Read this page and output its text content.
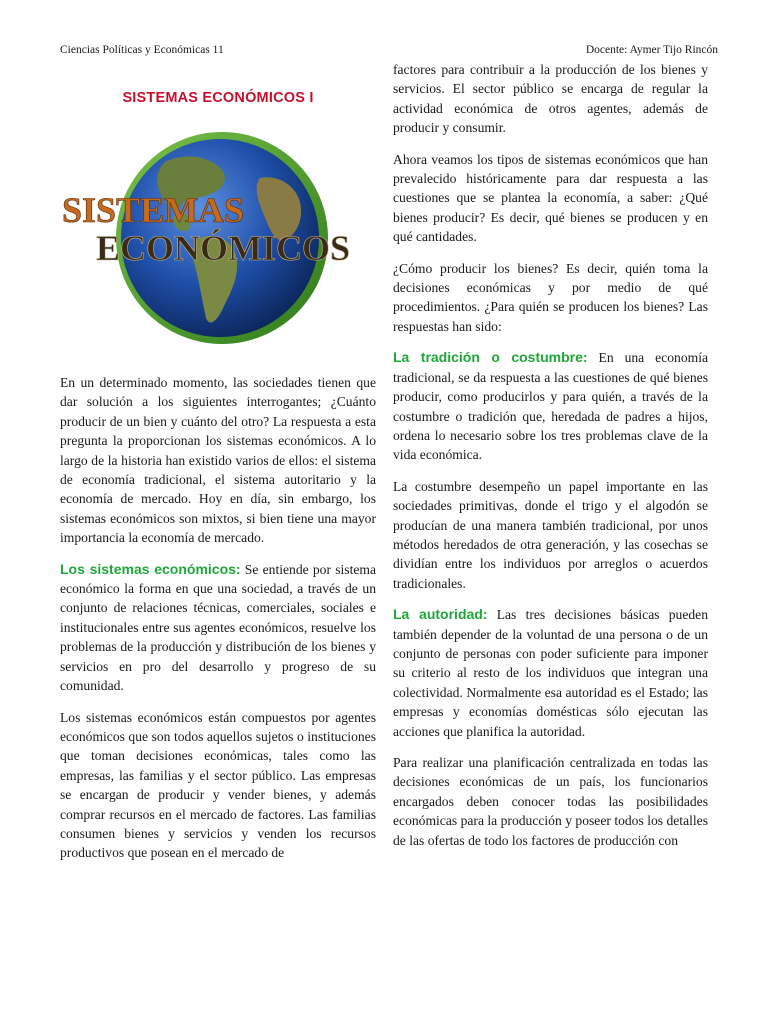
Ciencias Políticas y Económicas 11	Docente: Aymer Tijo Rincón
SISTEMAS ECONÓMICOS I
SISTEMAS
ECONÓMICOS

En un determinado momento, las sociedades tienen que dar solución a los siguientes interrogantes; ¿Cuánto producir de un bien y cuánto del otro? La respuesta a esta pregunta la proporcionan los sistemas económicos. A lo largo de la historia han existido varios de ellos: el sistema de economía tradicional, el sistema autoritario y la economía de mercado. Hoy en día, sin embargo, los sistemas económicos son mixtos, si bien tiene una mayor importancia la economía de mercado.

Los sistemas económicos: Se entiende por sistema económico la forma en que una sociedad, a través de un conjunto de relaciones técnicas, comerciales, sociales e institucionales entre sus agentes económicos, resuelve los problemas de la producción y distribución de los bienes y servicios en pro del desarrollo y progreso de su comunidad.

Los sistemas económicos están compuestos por agentes económicos que son todos aquellos sujetos o instituciones que toman decisiones económicas, tales como las empresas, las familias y el sector público. Las empresas se encargan de producir y vender bienes, y además comprar recursos en el mercado de factores. Las familias consumen bienes y servicios y venden los recursos productivos que posean en el mercado de

factores para contribuir a la producción de los bienes y servicios. El sector público se encarga de regular la actividad económica de otros agentes, además de producir y consumir.

Ahora veamos los tipos de sistemas económicos que han prevalecido históricamente para dar respuesta a las cuestiones que se plantea la economía, a saber: ¿Qué bienes producir? Es decir, qué bienes se producen y en qué cantidades.

¿Cómo producir los bienes? Es decir, quién toma la decisiones económicas y por medio de qué procedimientos. ¿Para quién se producen los bienes? Las respuestas han sido:

La tradición o costumbre: En una economía tradicional, se da respuesta a las cuestiones de qué bienes producir, como producirlos y para quién, a través de la costumbre o tradición que, heredada de padres a hijos, ordena lo necesario sobre los tres problemas clave de la vida económica.

La costumbre desempeño un papel importante en las sociedades primitivas, donde el trigo y el algodón se producían de una manera también tradicional, por unos métodos heredados de otra generación, y las cosechas se dividían entre los individuos por arreglos o acuerdos tradicionales.

La autoridad: Las tres decisiones básicas pueden también depender de la voluntad de una persona o de un conjunto de personas con poder suficiente para imponer su criterio al resto de los individuos que integran una colectividad. Normalmente esa autoridad es el Estado; las empresas y economías domésticas sólo ejecutan las acciones que planifica la autoridad.

Para realizar una planificación centralizada en todas las decisiones económicas de un país, los funcionarios encargados deben conocer todas las posibilidades económicas para la producción y poseer todos los detalles de las ofertas de todo los factores de producción con
